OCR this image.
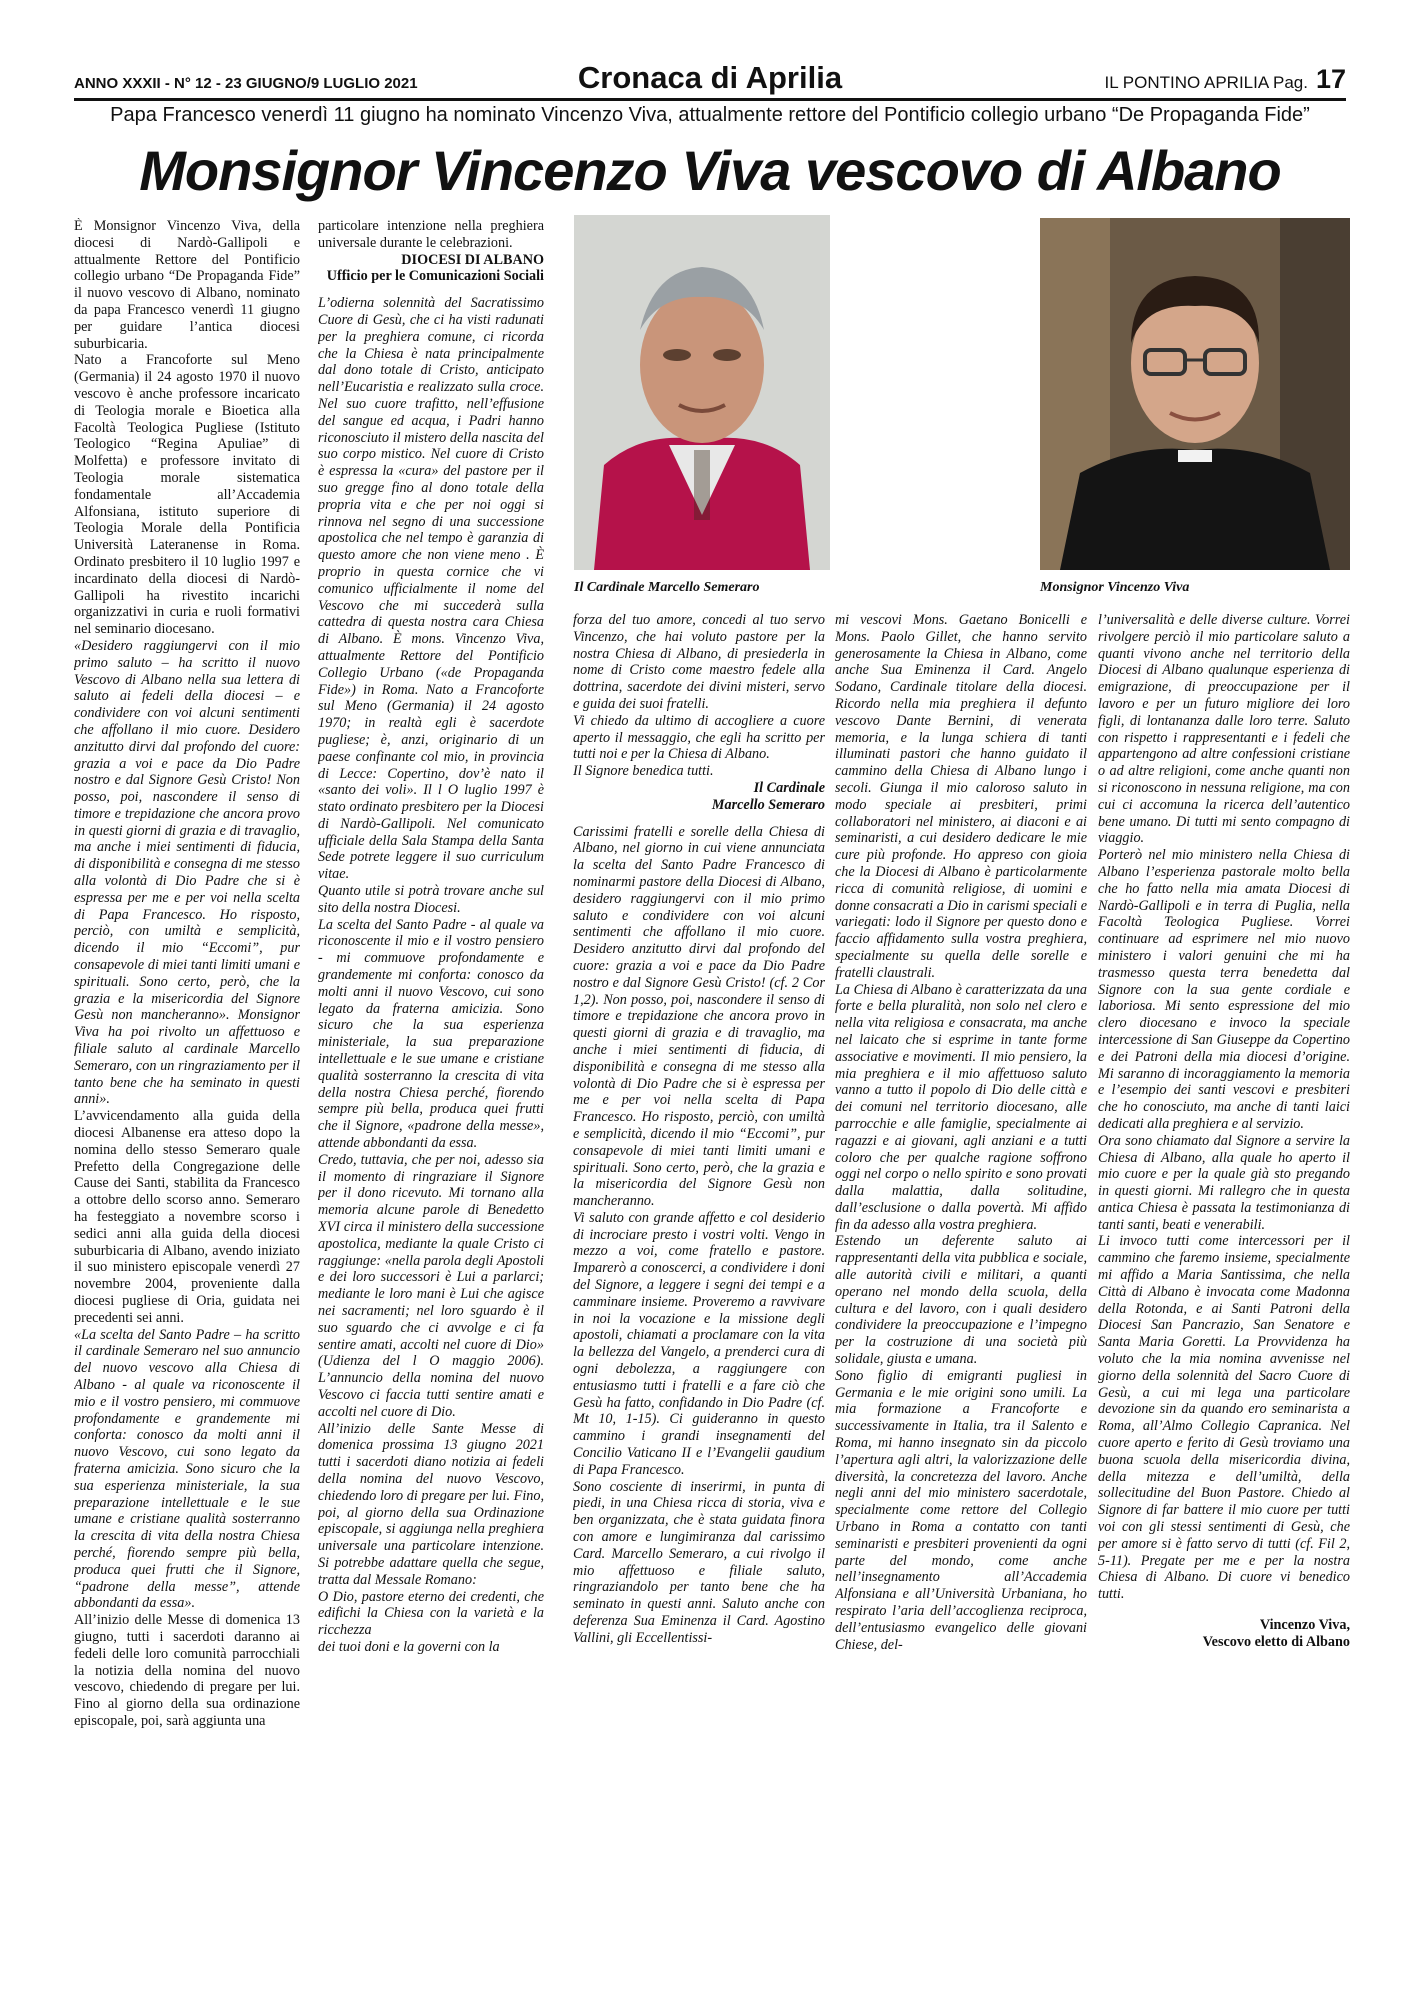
ANNO XXXII - N° 12 - 23 GIUGNO/9 LUGLIO 2021	Cronaca di Aprilia	IL PONTINO APRILIA Pag. 17
Papa Francesco venerdì 11 giugno ha nominato Vincenzo Viva, attualmente rettore del Pontificio collegio urbano “De Propaganda Fide”
Monsignor Vincenzo Viva vescovo di Albano

È Monsignor Vincenzo Viva, della diocesi di Nardò-Gallipoli e attualmente Rettore del Pontificio collegio urbano “De Propaganda Fide” il nuovo vescovo di Albano, nominato da papa Francesco venerdì 11 giugno per guidare l’antica diocesi suburbicaria.

Nato a Francoforte sul Meno (Germania) il 24 agosto 1970 il nuovo vescovo è anche professore incaricato di Teologia morale e Bioetica alla Facoltà Teologica Pugliese (Istituto Teologico “Regina Apuliae” di Molfetta) e professore invitato di Teologia morale sistematica fondamentale all’Accademia Alfonsiana, istituto superiore di Teologia Morale della Pontificia Università Lateranense in Roma. Ordinato presbitero il 10 luglio 1997 e incardinato della diocesi di Nardò-Gallipoli ha rivestito incarichi organizzativi in curia e ruoli formativi nel seminario diocesano.

«Desidero raggiungervi con il mio primo saluto – ha scritto il nuovo Vescovo di Albano nella sua lettera di saluto ai fedeli della diocesi – e condividere con voi alcuni sentimenti che affollano il mio cuore. Desidero anzitutto dirvi dal profondo del cuore: grazia a voi e pace da Dio Padre nostro e dal Signore Gesù Cristo! Non posso, poi, nascondere il senso di timore e trepidazione che ancora provo in questi giorni di grazia e di travaglio, ma anche i miei sentimenti di fiducia, di disponibilità e consegna di me stesso alla volontà di Dio Padre che si è espressa per me e per voi nella scelta di Papa Francesco. Ho risposto, perciò, con umiltà e semplicità, dicendo il mio “Eccomi”, pur consapevole di miei tanti limiti umani e spirituali. Sono certo, però, che la grazia e la misericordia del Signore Gesù non mancheranno». Monsignor Viva ha poi rivolto un affettuoso e filiale saluto al cardinale Marcello Semeraro, con un ringraziamento per il tanto bene che ha seminato in questi anni».

L’avvicendamento alla guida della diocesi Albanense era atteso dopo la nomina dello stesso Semeraro quale Prefetto della Congregazione delle Cause dei Santi, stabilita da Francesco a ottobre dello scorso anno. Semeraro ha festeggiato a novembre scorso i sedici anni alla guida della diocesi suburbicaria di Albano, avendo iniziato il suo ministero episcopale venerdì 27 novembre 2004, proveniente dalla diocesi pugliese di Oria, guidata nei precedenti sei anni.

«La scelta del Santo Padre – ha scritto il cardinale Semeraro nel suo annuncio del nuovo vescovo alla Chiesa di Albano - al quale va riconoscente il mio e il vostro pensiero, mi commuove profondamente e grandemente mi conforta: conosco da molti anni il nuovo Vescovo, cui sono legato da fraterna amicizia. Sono sicuro che la sua esperienza ministeriale, la sua preparazione intellettuale e le sue umane e cristiane qualità sosterranno la crescita di vita della nostra Chiesa perché, fiorendo sempre più bella, produca quei frutti che il Signore, “padrone della messe”, attende abbondanti da essa».

All’inizio delle Messe di domenica 13 giugno, tutti i sacerdoti daranno ai fedeli delle loro comunità parrocchiali la notizia della nomina del nuovo vescovo, chiedendo di pregare per lui. Fino al giorno della sua ordinazione episcopale, poi, sarà aggiunta una

particolare intenzione nella preghiera universale durante le celebrazioni.

DIOCESI DI ALBANO

Ufficio per le Comunicazioni Sociali

L’odierna solennità del Sacratissimo Cuore di Gesù, che ci ha visti radunati per la preghiera comune, ci ricorda che la Chiesa è nata principalmente dal dono totale di Cristo, anticipato nell’Eucaristia e realizzato sulla croce. Nel suo cuore trafitto, nell’effusione del sangue ed acqua, i Padri hanno riconosciuto il mistero della nascita del suo corpo mistico. Nel cuore di Cristo è espressa la «cura» del pastore per il suo gregge fino al dono totale della propria vita e che per noi oggi si rinnova nel segno di una successione apostolica che nel tempo è garanzia di questo amore che non viene meno . È proprio in questa cornice che vi comunico ufficialmente il nome del Vescovo che mi succederà sulla cattedra di questa nostra cara Chiesa di Albano. È mons. Vincenzo Viva, attualmente Rettore del Pontificio Collegio Urbano («de Propaganda Fide») in Roma. Nato a Francoforte sul Meno (Germania) il 24 agosto 1970; in realtà egli è sacerdote pugliese; è, anzi, originario di un paese confinante col mio, in provincia di Lecce: Copertino, dov’è nato il «santo dei voli». Il l O luglio 1997 è stato ordinato presbitero per la Diocesi di Nardò-Gallipoli. Nel comunicato ufficiale della Sala Stampa della Santa Sede potrete leggere il suo curriculum vitae.

Quanto utile si potrà trovare anche sul sito della nostra Diocesi.

La scelta del Santo Padre - al quale va riconoscente il mio e il vostro pensiero - mi commuove profondamente e grandemente mi conforta: conosco da molti anni il nuovo Vescovo, cui sono legato da fraterna amicizia. Sono sicuro che la sua esperienza ministeriale, la sua preparazione intellettuale e le sue umane e cristiane qualità sosterranno la crescita di vita della nostra Chiesa perché, fiorendo sempre più bella, produca quei frutti che il Signore, «padrone della messe», attende abbondanti da essa.

Credo, tuttavia, che per noi, adesso sia il momento di ringraziare il Signore per il dono ricevuto. Mi tornano alla memoria alcune parole di Benedetto XVI circa il ministero della successione apostolica, mediante la quale Cristo ci raggiunge: «nella parola degli Apostoli e dei loro successori è Lui a parlarci; mediante le loro mani è Lui che agisce nei sacramenti; nel loro sguardo è il suo sguardo che ci avvolge e ci fa sentire amati, accolti nel cuore di Dio» (Udienza del l O maggio 2006). L’annuncio della nomina del nuovo Vescovo ci faccia tutti sentire amati e accolti nel cuore di Dio.

All’inizio delle Sante Messe di domenica prossima 13 giugno 2021 tutti i sacerdoti diano notizia ai fedeli della nomina del nuovo Vescovo, chiedendo loro di pregare per lui. Fino, poi, al giorno della sua Ordinazione episcopale, si aggiunga nella preghiera universale una particolare intenzione. Si potrebbe adattare quella che segue, tratta dal Messale Romano:

O Dio, pastore eterno dei credenti, che edifichi la Chiesa con la varietà e la ricchezza

dei tuoi doni e la governi con la

Il Cardinale Marcello Semeraro	Monsignor Vincenzo Viva

forza del tuo amore, concedi al tuo servo Vincenzo, che hai voluto pastore per la nostra Chiesa di Albano, di presiederla in nome di Cristo come maestro fedele alla dottrina, sacerdote dei divini misteri, servo e guida dei suoi fratelli.

Vi chiedo da ultimo di accogliere a cuore aperto il messaggio, che egli ha scritto per tutti noi e per la Chiesa di Albano.

Il Signore benedica tutti.

Il Cardinale

Marcello Semeraro

Carissimi fratelli e sorelle della Chiesa di Albano, nel giorno in cui viene annunciata la scelta del Santo Padre Francesco di nominarmi pastore della Diocesi di Albano, desidero raggiungervi con il mio primo saluto e condividere con voi alcuni sentimenti che affollano il mio cuore. Desidero anzitutto dirvi dal profondo del cuore: grazia a voi e pace da Dio Padre nostro e dal Signore Gesù Cristo! (cf. 2 Cor 1,2). Non posso, poi, nascondere il senso di timore e trepidazione che ancora provo in questi giorni di grazia e di travaglio, ma anche i miei sentimenti di fiducia, di disponibilità e consegna di me stesso alla volontà di Dio Padre che si è espressa per me e per voi nella scelta di Papa Francesco. Ho risposto, perciò, con umiltà e semplicità, dicendo il mio “Eccomi”, pur consapevole di miei tanti limiti umani e spirituali. Sono certo, però, che la grazia e la misericordia del Signore Gesù non mancheranno.

Vi saluto con grande affetto e col desiderio di incrociare presto i vostri volti. Vengo in mezzo a voi, come fratello e pastore. Imparerò a conoscerci, a condividere i doni del Signore, a leggere i segni dei tempi e a camminare insieme. Proveremo a ravvivare in noi la vocazione e la missione degli apostoli, chiamati a proclamare con la vita la bellezza del Vangelo, a prenderci cura di ogni debolezza, a raggiungere con entusiasmo tutti i fratelli e a fare ciò che Gesù ha fatto, confidando in Dio Padre (cf. Mt 10, 1-15). Ci guideranno in questo cammino i grandi insegnamenti del Concilio Vaticano II e l’Evangelii gaudium di Papa Francesco.

Sono cosciente di inserirmi, in punta di piedi, in una Chiesa ricca di storia, viva e ben organizzata, che è stata guidata finora con amore e lungimiranza dal carissimo Card. Marcello Semeraro, a cui rivolgo il mio affettuoso e filiale saluto, ringraziandolo per tanto bene che ha seminato in questi anni. Saluto anche con deferenza Sua Eminenza il Card. Agostino Vallini, gli Eccellentissi-

mi vescovi Mons. Gaetano Bonicelli e Mons. Paolo Gillet, che hanno servito generosamente la Chiesa in Albano, come anche Sua Eminenza il Card. Angelo Sodano, Cardinale titolare della diocesi. Ricordo nella mia preghiera il defunto vescovo Dante Bernini, di venerata memoria, e la lunga schiera di tanti illuminati pastori che hanno guidato il cammino della Chiesa di Albano lungo i secoli. Giunga il mio caloroso saluto in modo speciale ai presbiteri, primi collaboratori nel ministero, ai diaconi e ai seminaristi, a cui desidero dedicare le mie cure più profonde. Ho appreso con gioia che la Diocesi di Albano è particolarmente ricca di comunità religiose, di uomini e donne consacrati a Dio in carismi speciali e variegati: lodo il Signore per questo dono e faccio affidamento sulla vostra preghiera, specialmente su quella delle sorelle e fratelli claustrali.

La Chiesa di Albano è caratterizzata da una forte e bella pluralità, non solo nel clero e nella vita religiosa e consacrata, ma anche nel laicato che si esprime in tante forme associative e movimenti. Il mio pensiero, la mia preghiera e il mio affettuoso saluto vanno a tutto il popolo di Dio delle città e dei comuni nel territorio diocesano, alle parrocchie e alle famiglie, specialmente ai ragazzi e ai giovani, agli anziani e a tutti coloro che per qualche ragione soffrono oggi nel corpo o nello spirito e sono provati dalla malattia, dalla solitudine, dall’esclusione o dalla povertà. Mi affido fin da adesso alla vostra preghiera.

Estendo un deferente saluto ai rappresentanti della vita pubblica e sociale, alle autorità civili e militari, a quanti operano nel mondo della scuola, della cultura e del lavoro, con i quali desidero condividere la preoccupazione e l’impegno per la costruzione di una società più solidale, giusta e umana.

Sono figlio di emigranti pugliesi in Germania e le mie origini sono umili. La mia formazione a Francoforte e successivamente in Italia, tra il Salento e Roma, mi hanno insegnato sin da piccolo l’apertura agli altri, la valorizzazione delle diversità, la concretezza del lavoro. Anche negli anni del mio ministero sacerdotale, specialmente come rettore del Collegio Urbano in Roma a contatto con tanti seminaristi e presbiteri provenienti da ogni parte del mondo, come anche nell’insegnamento all’Accademia Alfonsiana e all’Università Urbaniana, ho respirato l’aria dell’accoglienza reciproca, dell’entusiasmo evangelico delle giovani Chiese, del-

l’universalità e delle diverse culture. Vorrei rivolgere perciò il mio particolare saluto a quanti vivono anche nel territorio della Diocesi di Albano qualunque esperienza di emigrazione, di preoccupazione per il lavoro e per un futuro migliore dei loro figli, di lontananza dalle loro terre. Saluto con rispetto i rappresentanti e i fedeli che appartengono ad altre confessioni cristiane o ad altre religioni, come anche quanti non si riconoscono in nessuna religione, ma con cui ci accomuna la ricerca dell’autentico bene umano. Di tutti mi sento compagno di viaggio.

Porterò nel mio ministero nella Chiesa di Albano l’esperienza pastorale molto bella che ho fatto nella mia amata Diocesi di Nardò-Gallipoli e in terra di Puglia, nella Facoltà Teologica Pugliese. Vorrei continuare ad esprimere nel mio nuovo ministero i valori genuini che mi ha trasmesso questa terra benedetta dal Signore con la sua gente cordiale e laboriosa. Mi sento espressione del mio clero diocesano e invoco la speciale intercessione di San Giuseppe da Copertino e dei Patroni della mia diocesi d’origine. Mi saranno di incoraggiamento la memoria e l’esempio dei santi vescovi e presbiteri che ho conosciuto, ma anche di tanti laici dedicati alla preghiera e al servizio.

Ora sono chiamato dal Signore a servire la Chiesa di Albano, alla quale ho aperto il mio cuore e per la quale già sto pregando in questi giorni. Mi rallegro che in questa antica Chiesa è passata la testimonianza di tanti santi, beati e venerabili.

Li invoco tutti come intercessori per il cammino che faremo insieme, specialmente mi affido a Maria Santissima, che nella Città di Albano è invocata come Madonna della Rotonda, e ai Santi Patroni della Diocesi San Pancrazio, San Senatore e Santa Maria Goretti. La Provvidenza ha voluto che la mia nomina avvenisse nel giorno della solennità del Sacro Cuore di Gesù, a cui mi lega una particolare devozione sin da quando ero seminarista a Roma, all’Almo Collegio Capranica. Nel cuore aperto e ferito di Gesù troviamo una buona scuola della misericordia divina, della mitezza e dell’umiltà, della sollecitudine del Buon Pastore. Chiedo al Signore di far battere il mio cuore per tutti voi con gli stessi sentimenti di Gesù, che per amore si è fatto servo di tutti (cf. Fil 2, 5-11). Pregate per me e per la nostra Chiesa di Albano. Di cuore vi benedico tutti.

Vincenzo Viva,

Vescovo eletto di Albano
